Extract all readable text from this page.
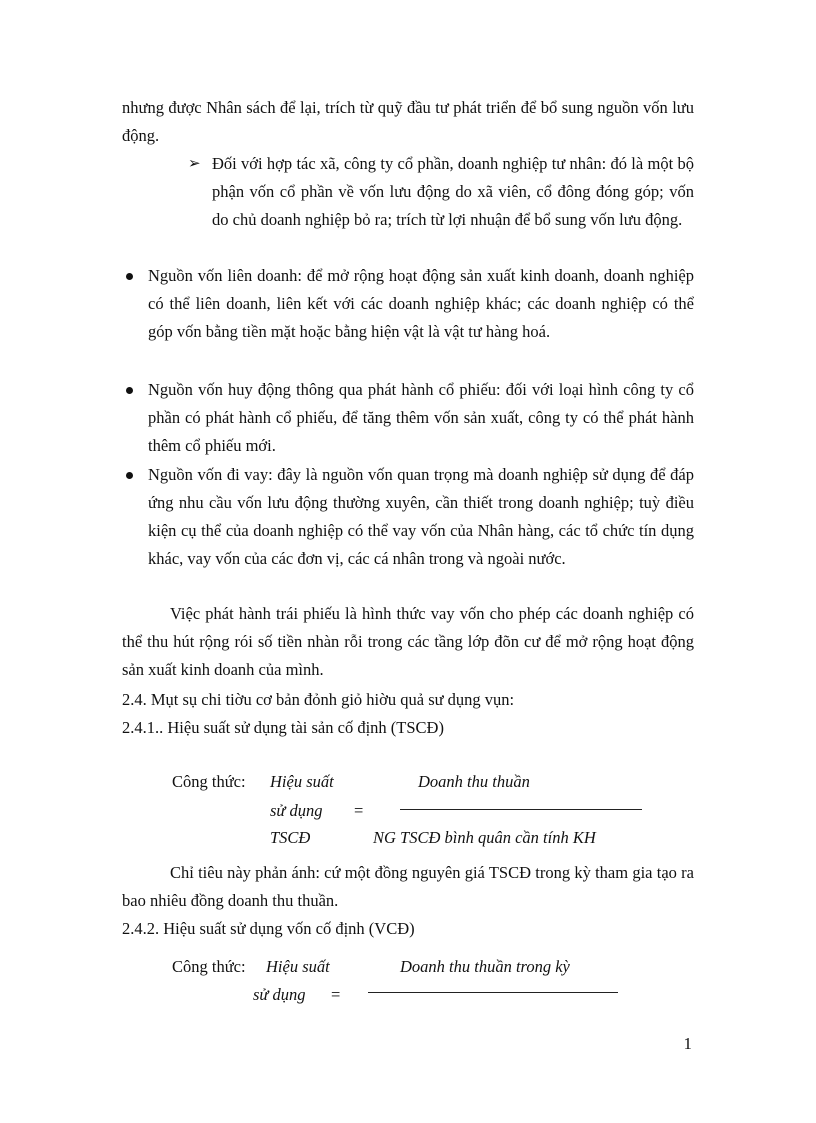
nhưng được Nhân sách để lại, trích từ quỹ đầu tư phát triển để bổ sung nguồn vốn lưu động.

➢ Đối với hợp tác xã, công ty cổ phần, doanh nghiệp tư nhân: đó là một bộ phận vốn cổ phần về vốn lưu động do xã viên, cổ đông đóng góp; vốn do chủ doanh nghiệp bỏ ra; trích từ lợi nhuận để bổ sung vốn lưu động.
Nguồn vốn liên doanh: để mở rộng hoạt động sản xuất kinh doanh, doanh nghiệp có thể liên doanh, liên kết với các doanh nghiệp khác; các doanh nghiệp có thể góp vốn bằng tiền mặt hoặc bằng hiện vật là vật tư hàng hoá.
Nguồn vốn huy động thông qua phát hành cổ phiếu: đối với loại hình công ty cổ phần có phát hành cổ phiếu, để tăng thêm vốn sản xuất, công ty có thể phát hành thêm cổ phiếu mới.
Nguồn vốn đi vay: đây là nguồn vốn quan trọng mà doanh nghiệp sử dụng để đáp ứng nhu cầu vốn lưu động thường xuyên, cần thiết trong doanh nghiệp; tuỳ điều kiện cụ thể của doanh nghiệp có thể vay vốn của Nhân hàng, các tổ chức tín dụng khác, vay vốn của các đơn vị, các cá nhân trong và ngoài nước.

Việc phát hành trái phiếu là hình thức vay vốn cho phép các doanh nghiệp có thể thu hút rộng rói số tiền nhàn rỗi trong các tầng lớp đõn cư để mở rộng hoạt động sản xuất kinh doanh của mình.

2.4. Mụt sụ chi tiờu cơ bản đỏnh giỏ hiờu quả sư dụng vụn:
2.4.1.. Hiệu suất sử dụng tài sản cố định (TSCĐ)
Công thức: Hiệu suất
sử dụng
TSCĐ
=
Doanh thu thuần
NG TSCĐ bình quân cần tính KH

Chỉ tiêu này phản ánh: cứ một đồng nguyên giá TSCĐ trong kỳ tham gia tạo ra bao nhiêu đồng doanh thu thuần.

2.4.2. Hiệu suất sử dụng vốn cố định (VCĐ)
Công thức: Hiệu suất
sử dụng =
Doanh thu thuần trong kỳ
1
